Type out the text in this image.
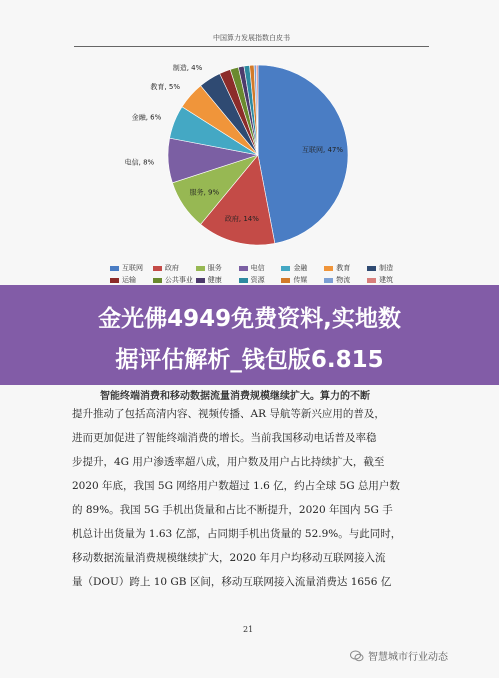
中国算力发展指数白皮书
互联网, 47%
政府, 14%
服务, 9%
电信, 8%
金融, 6%
教育, 5%
制造, 4%
互联网	政府	服务	电信	金融	教育	制造
运输	公共事业 健康	资源	传媒	物流	建筑
智能终端消费和移动数据流量消费规模继续扩大。算力的不断
提升推动了包括高清内容、视频传播、AR 导航等新兴应用的普及，
进而更加促进了智能终端消费的增长。当前我国移动电话普及率稳
步提升，4G 用户渗透率超八成，用户数及用户占比持续扩大，截至
2020 年底，我国 5G 网络用户数超过 1.6 亿，约占全球 5G 总用户数
的 89%。我国 5G 手机出货量和占比不断提升，2020 年国内 5G 手
机总计出货量为 1.63 亿部，占同期手机出货量的 52.9%。与此同时，
移动数据流量消费规模继续扩大，2020 年月户均移动互联网接入流
量（DOU）跨上 10 GB 区间，移动互联网接入流量消费达 1656 亿
21
智慧城市行业动态
金光佛4949免费资料,实地数
据评估解析_钱包版6.815
